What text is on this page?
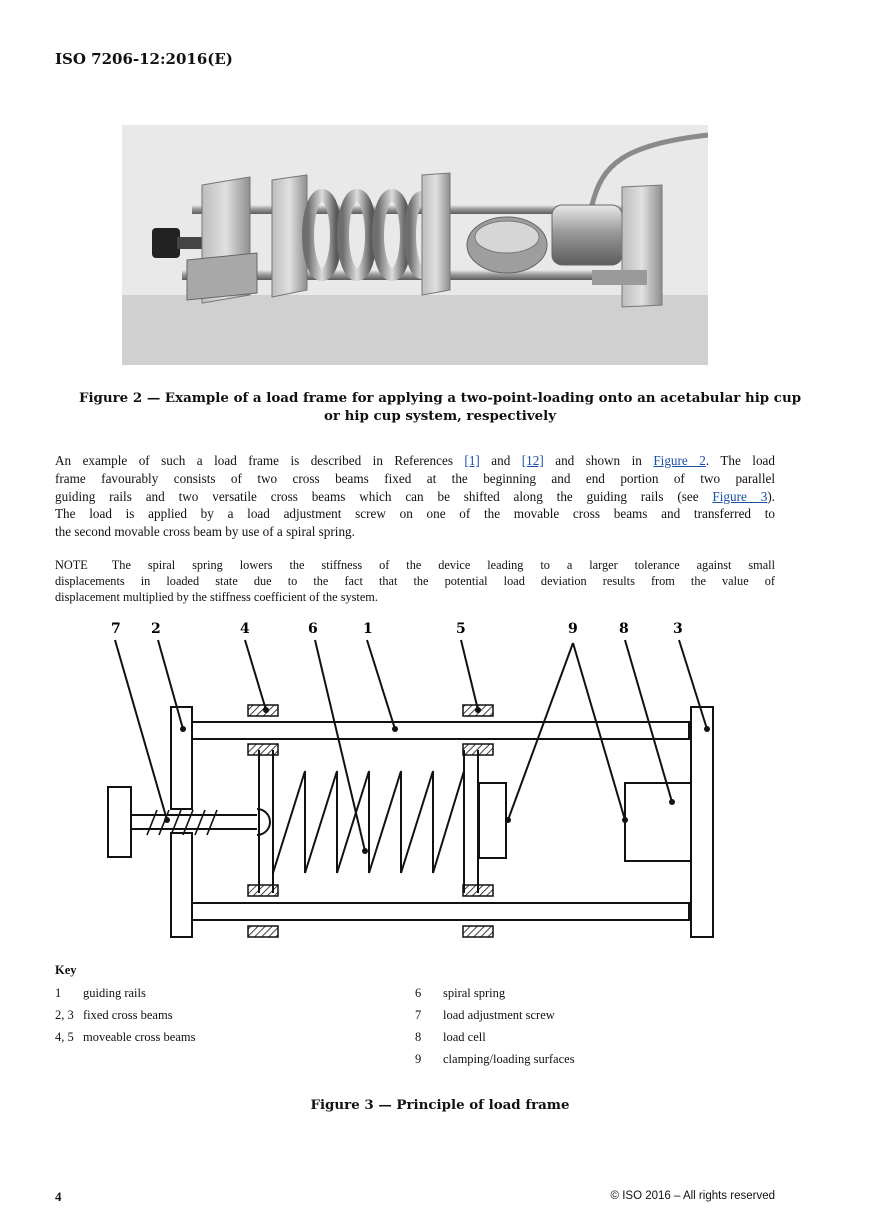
ISO 7206-12:2016(E)
Figure 2 — Example of a load frame for applying a two-point-loading onto an acetabular hip cup
or hip cup system, respectively
An example of such a load frame is described in References [1] and [12] and shown in Figure 2. The load
frame favourably consists of two cross beams fixed at the beginning and end portion of two parallel
guiding rails and two versatile cross beams which can be shifted along the guiding rails (see Figure 3).
The load is applied by a load adjustment screw on one of the movable cross beams and transferred to
the second movable cross beam by use of a spiral spring.
NOTE The spiral spring lowers the stiffness of the device leading to a larger tolerance against small
displacements in loaded state due to the fact that the potential load deviation results from the value of
displacement multiplied by the stiffness coefficient of the system.
7 2	4	6	1	5	9	8	3
Key
1 guiding rails
2, 3 fixed cross beams
4, 5 moveable cross beams
6 spiral spring
7 load adjustment screw
8 load cell
9 clamping/loading surfaces
Figure 3 — Principle of load frame
4	© ISO 2016 – All rights reserved
